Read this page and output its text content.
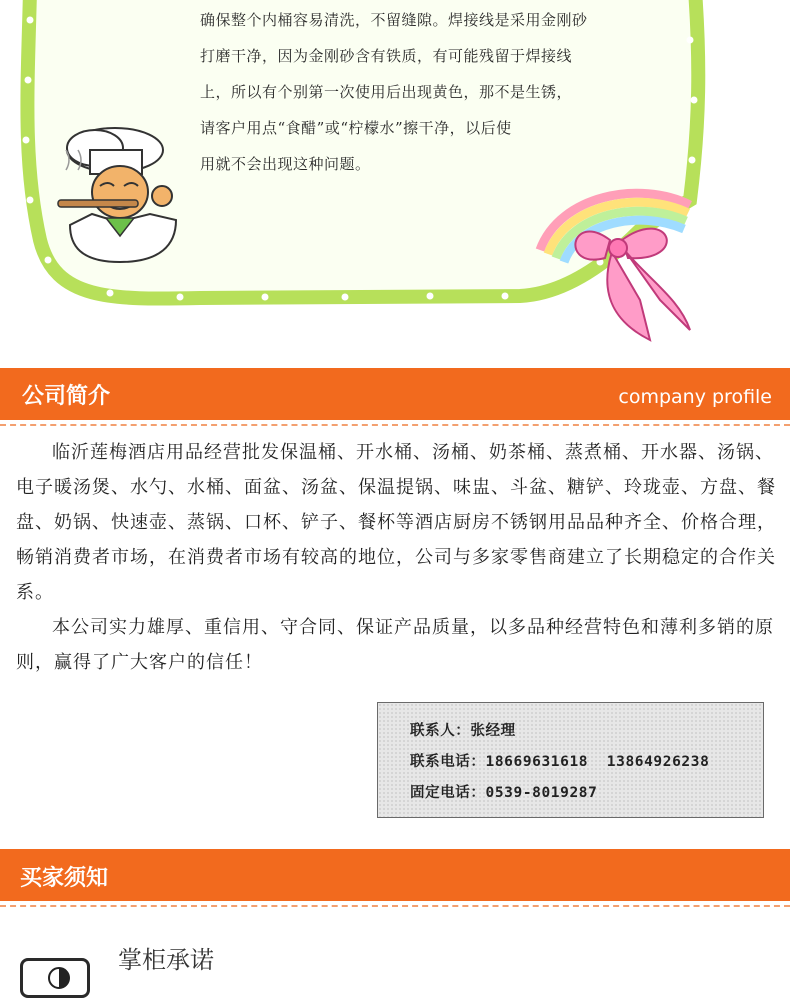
确保整个内桶容易清洗，不留缝隙。焊接线是采用金刚砂
打磨干净，因为金刚砂含有铁质，有可能残留于焊接线
上，所以有个别第一次使用后出现黄色，那不是生锈，
请客户用点“食醋”或“柠檬水”擦干净，以后使
用就不会出现这种问题。
公司简介	company profile

临沂莲梅酒店用品经营批发保温桶、开水桶、汤桶、奶茶桶、蒸煮桶、开水器、汤锅、电子暖汤煲、水勺、水桶、面盆、汤盆、保温提锅、味盅、斗盆、糖铲、玲珑壶、方盘、餐盘、奶锅、快速壶、蒸锅、口杯、铲子、餐杯等酒店厨房不锈钢用品品种齐全、价格合理，畅销消费者市场，在消费者市场有较高的地位，公司与多家零售商建立了长期稳定的合作关系。

本公司实力雄厚、重信用、守合同、保证产品质量，以多品种经营特色和薄利多销的原则，赢得了广大客户的信任！

联系人：张经理
联系电话：18669631618  13864926238
固定电话：0539-8019287
买家须知
掌柜承诺
